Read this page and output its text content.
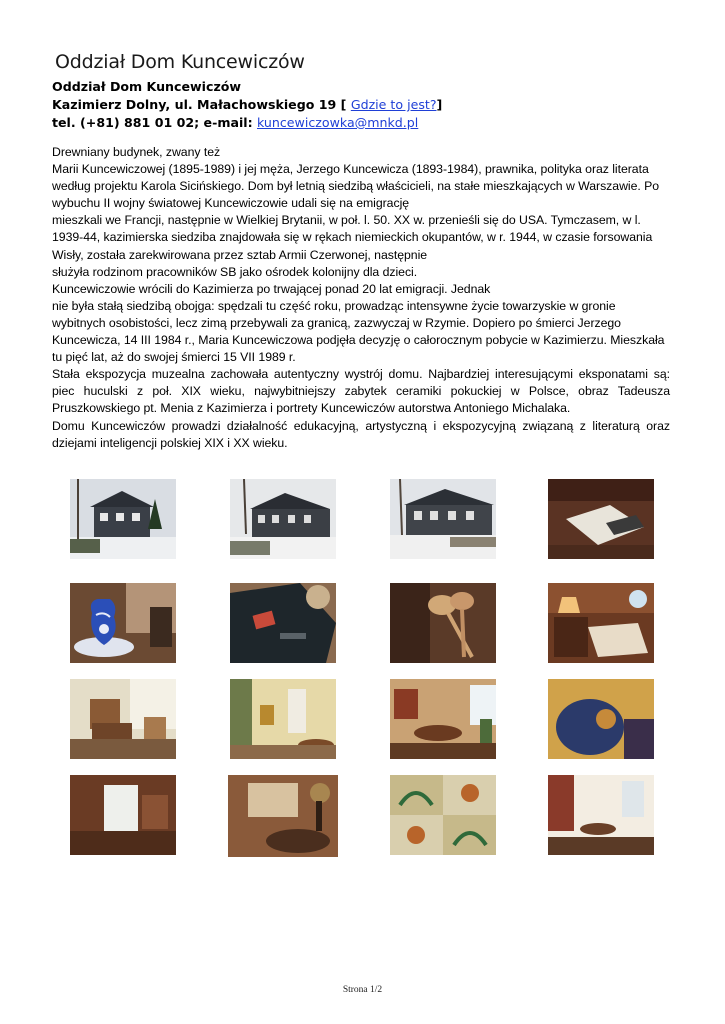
Oddział Dom Kuncewiczów
Oddział Dom Kuncewiczów
Kazimierz Dolny, ul. Małachowskiego 19 [ Gdzie to jest?]
tel. (+81) 881 01 02; e-mail: kuncewiczowka@mnkd.pl

Drewniany budynek, zwany też

Marii Kuncewiczowej (1895-1989) i jej męża, Jerzego Kuncewicza (1893-1984), prawnika, polityka oraz literata według projektu Karola Sicińskiego. Dom był letnią siedzibą właścicieli, na stałe mieszkających w Warszawie. Po wybuchu II wojny światowej Kuncewiczowie udali się na emigrację

mieszkali we Francji, następnie w Wielkiej Brytanii, w poł. l. 50. XX w. przenieśli się do USA. Tymczasem, w l. 1939-44, kazimierska siedziba znajdowała się w rękach niemieckich okupantów, w r. 1944, w czasie forsowania Wisły, została zarekwirowana przez sztab Armii Czerwonej, następnie

służyła rodzinom pracowników SB jako ośrodek kolonijny dla dzieci.

Kuncewiczowie wrócili do Kazimierza po trwającej ponad 20 lat emigracji. Jednak

nie była stałą siedzibą obojga: spędzali tu część roku, prowadząc intensywne życie towarzyskie w gronie wybitnych osobistości, lecz zimą przebywali za granicą, zazwyczaj w Rzymie. Dopiero po śmierci Jerzego Kuncewicza, 14 III 1984 r., Maria Kuncewiczowa podjęła decyzję o całorocznym pobycie w Kazimierzu. Mieszkała tu pięć lat, aż do swojej śmierci 15 VII 1989 r.

Stała ekspozycja muzealna zachowała autentyczny wystrój domu. Najbardziej interesującymi eksponatami są: piec huculski z poł. XIX wieku, najwybitniejszy zabytek ceramiki pokuckiej w Polsce, obraz Tadeusza Pruszkowskiego pt. Menia z Kazimierza i portrety Kuncewiczów autorstwa Antoniego Michalaka.

Domu Kuncewiczów prowadzi działalność edukacyjną, artystyczną i ekspozycyjną związaną z literaturą oraz dziejami inteligencji polskiej XIX i XX wieku.

Strona 1/2
